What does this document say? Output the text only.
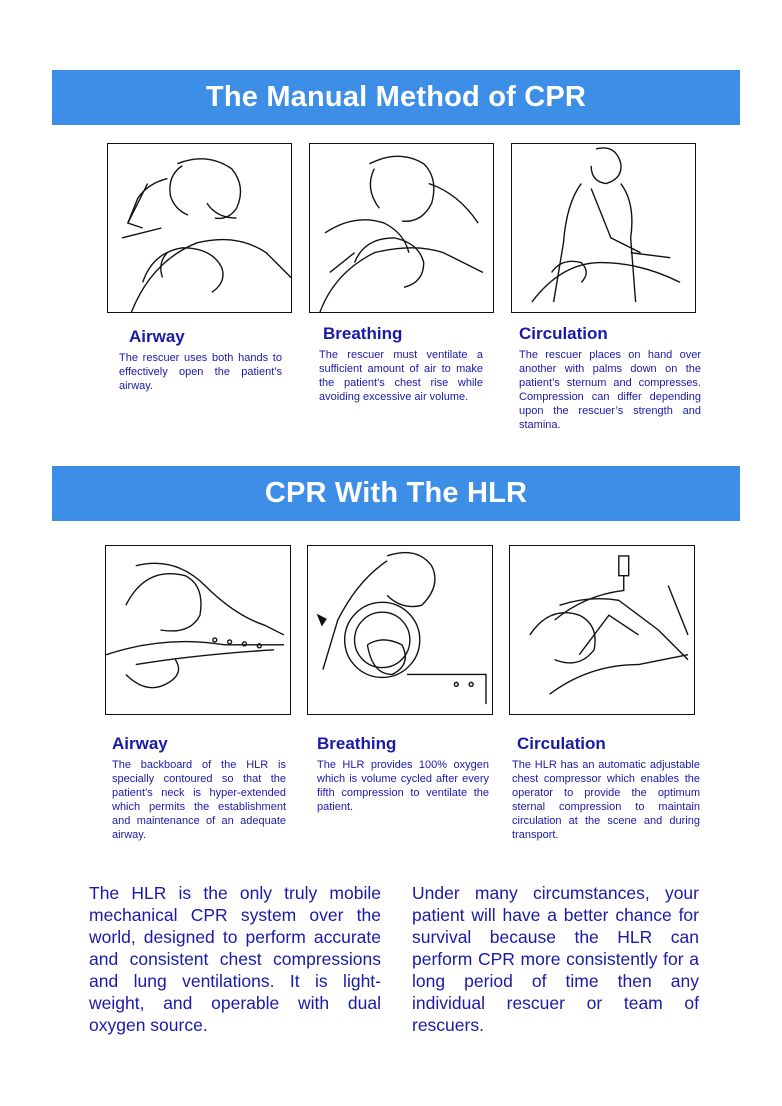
The Manual Method of CPR
Airway

The rescuer uses both hands to effectively open the patient’s airway.

Breathing

The rescuer must ventilate a sufficient amount of air to make the patient’s chest rise while avoiding excessive air volume.

Circulation

The rescuer places on hand over another with palms down on the patient’s sternum and compresses. Compression can differ depending upon the rescuer’s strength and stamina.

CPR With The HLR
Airway

The backboard of the HLR is specially contoured so that the patient’s neck is hyper-extended which permits the establishment and maintenance of an adequate airway.

Breathing

The HLR provides 100% oxygen which is volume cycled after every fifth compression to ventilate the patient.

Circulation

The HLR has an automatic adjustable chest compressor which enables the operator to provide the optimum sternal compression to maintain circulation at the scene and during transport.

The HLR is the only truly mobile mechanical CPR system over the world, designed to perform accurate and consistent chest compressions and lung ventilations. It is light-weight, and operable with dual oxygen source.

Under many circumstances, your patient will have a better chance for survival because the HLR can perform CPR more consistently for a long period of time then any individual rescuer or team of rescuers.
